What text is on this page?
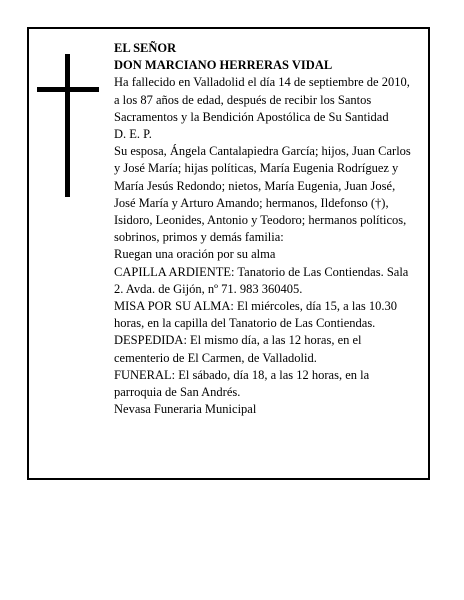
EL SEÑOR

DON MARCIANO HERRERAS VIDAL

Ha fallecido en Valladolid el día 14 de septiembre de 2010, a los 87 años de edad, después de recibir los Santos Sacramentos y la Bendición Apostólica de Su Santidad

D. E. P.

Su esposa, Ángela Cantalapiedra García; hijos, Juan Carlos y José María; hijas políticas, María Eugenia Rodríguez y María Jesús Redondo; nietos, María Eugenia, Juan José, José María y Arturo Amando; hermanos, Ildefonso (†), Isidoro, Leonides, Antonio y Teodoro; hermanos políticos, sobrinos, primos y demás familia:

Ruegan una oración por su alma

CAPILLA ARDIENTE: Tanatorio de Las Contiendas. Sala 2. Avda. de Gijón, nº 71. 983 360405.

MISA POR SU ALMA: El miércoles, día 15, a las 10.30 horas, en la capilla del Tanatorio de Las Contiendas.

DESPEDIDA: El mismo día, a las 12 horas, en el cementerio de El Carmen, de Valladolid.

FUNERAL: El sábado, día 18, a las 12 horas, en la parroquia de San Andrés.

Nevasa Funeraria Municipal
